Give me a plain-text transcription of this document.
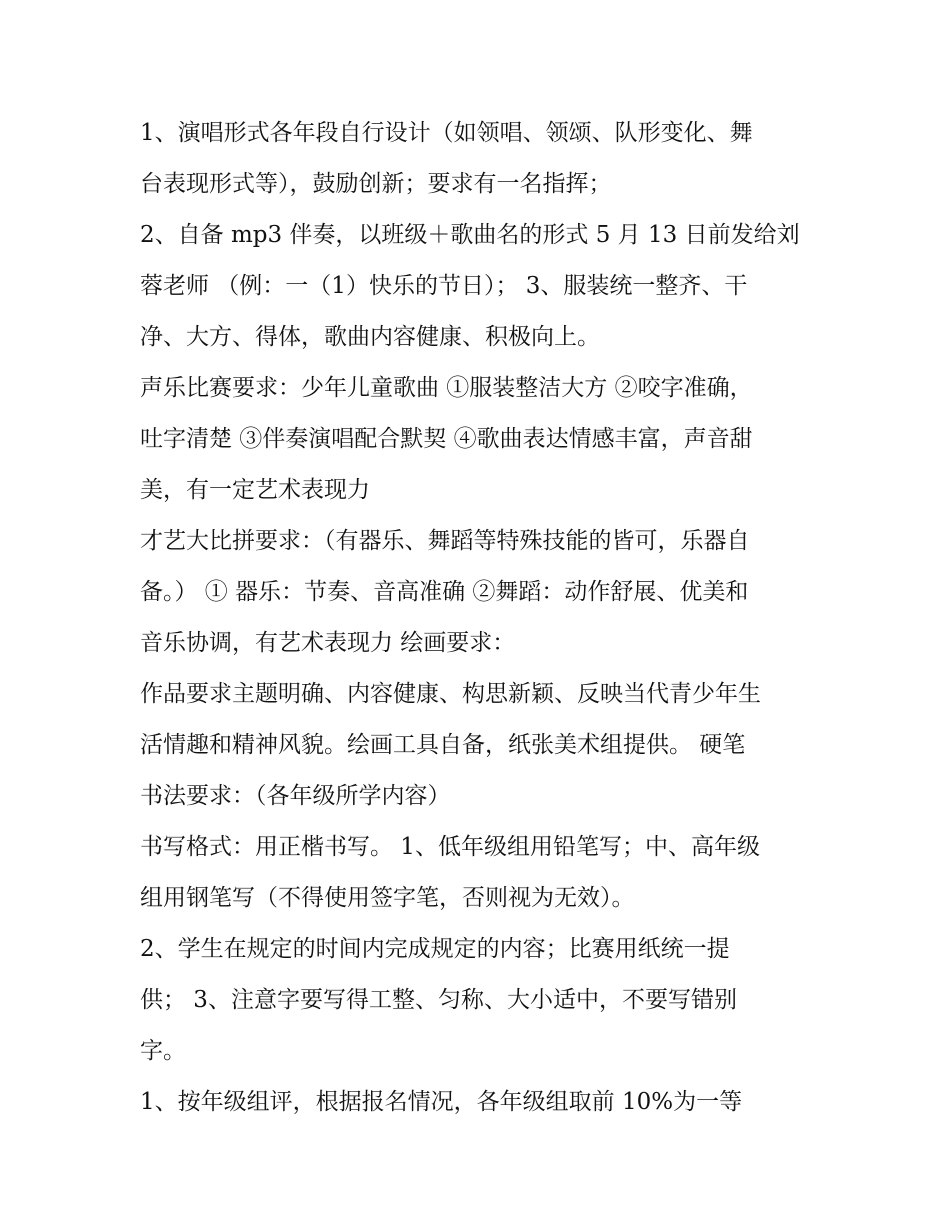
1、演唱形式各年段自行设计（如领唱、领颂、队形变化、舞
台表现形式等），鼓励创新；要求有一名指挥；
2、自备 mp3 伴奏，以班级＋歌曲名的形式 5 月 13 日前发给刘
蓉老师 （例：一（1）快乐的节日）； 3、服装统一整齐、干
净、大方、得体，歌曲内容健康、积极向上。
声乐比赛要求：少年儿童歌曲 ①服装整洁大方 ②咬字准确，
吐字清楚 ③伴奏演唱配合默契 ④歌曲表达情感丰富，声音甜
美，有一定艺术表现力
才艺大比拼要求：（有器乐、舞蹈等特殊技能的皆可，乐器自
备。） ① 器乐：节奏、音高准确 ②舞蹈：动作舒展、优美和
音乐协调，有艺术表现力 绘画要求：
作品要求主题明确、内容健康、构思新颖、反映当代青少年生
活情趣和精神风貌。绘画工具自备，纸张美术组提供。 硬笔
书法要求：（各年级所学内容）
书写格式：用正楷书写。 1、低年级组用铅笔写；中、高年级
组用钢笔写（不得使用签字笔，否则视为无效）。
2、学生在规定的时间内完成规定的内容；比赛用纸统一提
供； 3、注意字要写得工整、匀称、大小适中，不要写错别
字。
1、按年级组评，根据报名情况，各年级组取前 10%为一等
